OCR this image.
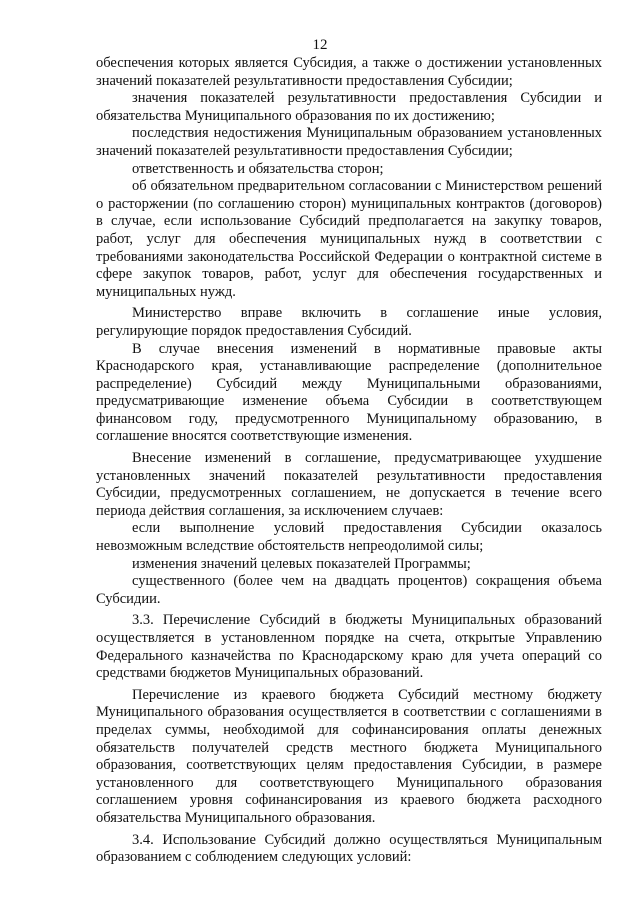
12

обеспечения которых является Субсидия, а также о достижении установленных значений показателей результативности предоставления Субсидии;

значения показателей результативности предоставления Субсидии и обязательства Муниципального образования по их достижению;

последствия недостижения Муниципальным образованием установленных значений показателей результативности предоставления Субсидии;

ответственность и обязательства сторон;

об обязательном предварительном согласовании с Министерством решений о расторжении (по соглашению сторон) муниципальных контрактов (договоров) в случае, если использование Субсидий предполагается на закупку товаров, работ, услуг для обеспечения муниципальных нужд в соответствии с требованиями законодательства Российской Федерации о контрактной системе в сфере закупок товаров, работ, услуг для обеспечения государственных и муниципальных нужд.

Министерство вправе включить в соглашение иные условия, регулирующие порядок предоставления Субсидий.

В случае внесения изменений в нормативные правовые акты Краснодарского края, устанавливающие распределение (дополнительное распределение) Субсидий между Муниципальными образованиями, предусматривающие изменение объема Субсидии в соответствующем финансовом году, предусмотренного Муниципальному образованию, в соглашение вносятся соответствующие изменения.

Внесение изменений в соглашение, предусматривающее ухудшение установленных значений показателей результативности предоставления Субсидии, предусмотренных соглашением, не допускается в течение всего периода действия соглашения, за исключением случаев:

если выполнение условий предоставления Субсидии оказалось невозможным вследствие обстоятельств непреодолимой силы;

изменения значений целевых показателей Программы;

существенного (более чем на двадцать процентов) сокращения объема Субсидии.

3.3. Перечисление Субсидий в бюджеты Муниципальных образований осуществляется в установленном порядке на счета, открытые Управлению Федерального казначейства по Краснодарскому краю для учета операций со средствами бюджетов Муниципальных образований.

Перечисление из краевого бюджета Субсидий местному бюджету Муниципального образования осуществляется в соответствии с соглашениями в пределах суммы, необходимой для софинансирования оплаты денежных обязательств получателей средств местного бюджета Муниципального образования, соответствующих целям предоставления Субсидии, в размере установленного для соответствующего Муниципального образования соглашением уровня софинансирования из краевого бюджета расходного обязательства Муниципального образования.

3.4. Использование Субсидий должно осуществляться Муниципальным образованием с соблюдением следующих условий:
